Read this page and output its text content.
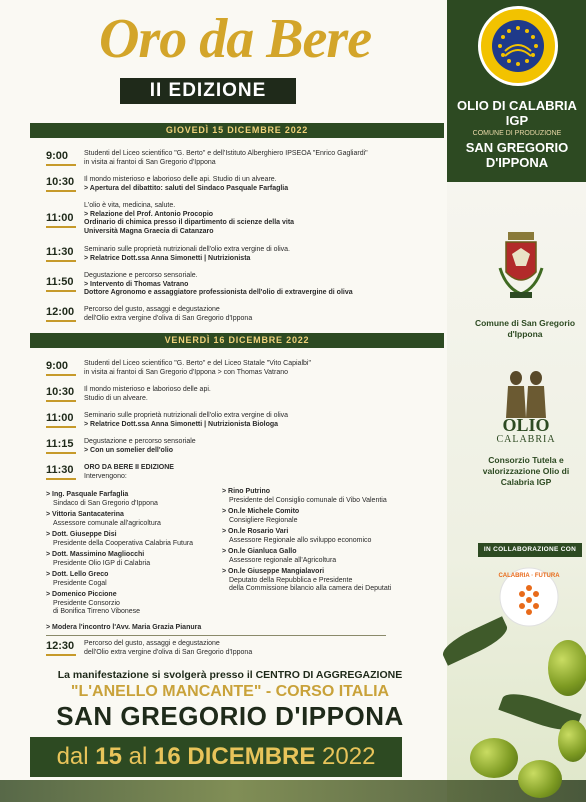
OLIO DI CALABRIA IGP
COMUNE DI PRODUZIONE
SAN GREGORIO D'IPPONA
Comune di San Gregorio d'Ippona
OLIO
CALABRIA
Consorzio Tutela e valorizzazione Olio di Calabria IGP
IN COLLABORAZIONE CON
CALABRIA · FUTURA
Oro da Bere
II EDIZIONE
GIOVEDÌ 15 DICEMBRE 2022
9:00	Studenti del Liceo scientifico "G. Berto" e dell'Istituto Alberghiero IPSEOA "Enrico Gagliardi"
in visita ai frantoi di San Gregorio d'Ippona
10:30	Il mondo misterioso e laborioso delle api. Studio di un alveare.
> Apertura del dibattito: saluti del Sindaco Pasquale Farfaglia
11:00
L'olio è vita, medicina, salute.
> Relazione del Prof. Antonio Procopio
Ordinario di chimica presso il dipartimento di scienze della vita
Università Magna Graecia di Catanzaro
11:30	Seminario sulle proprietà nutrizionali dell'olio extra vergine di oliva.
> Relatrice Dott.ssa Anna Simonetti | Nutrizionista
11:50
Degustazione e percorso sensoriale.
> Intervento di Thomas Vatrano
Dottore Agronomo e assaggiatore professionista dell'olio di extravergine di oliva
12:00	Percorso del gusto, assaggi e degustazione
dell'Olio extra vergine d'oliva di San Gregorio d'Ippona
VENERDÌ 16 DICEMBRE 2022
9:00	Studenti del Liceo scientifico "G. Berto" e del Liceo Statale "Vito Capialbi"
in visita ai frantoi di San Gregorio d'Ippona > con Thomas Vatrano
10:30	Il mondo misterioso e laborioso delle api.
Studio di un alveare.
11:00	Seminario sulle proprietà nutrizionali dell'olio extra vergine di oliva
> Relatrice Dott.ssa Anna Simonetti | Nutrizionista Biologa
11:15	Degustazione e percorso sensoriale
> Con un somelier dell'olio
11:30	ORO DA BERE II EDIZIONE
Intervengono:
> Ing. Pasquale Farfaglia
Sindaco di San Gregorio d'Ippona
> Vittoria Santacaterina
Assessore comunale all'agricoltura
> Dott. Giuseppe Disi
Presidente della Cooperativa Calabria Futura
> Dott. Massimino Magliocchi
Presidente Olio IGP di Calabria
> Dott. Lello Greco
Presidente Cogal
> Domenico Piccione
Presidente Consorzio
di Bonifica Tirreno Vibonese
> Rino Putrino
Presidente del Consiglio comunale di Vibo Valentia
> On.le Michele Comito
Consigliere Regionale
> On.le Rosario Vari
Assessore Regionale allo sviluppo economico
> On.le Gianluca Gallo
Assessore regionale all'Agricoltura
> On.le Giuseppe Mangialavori
Deputato della Repubblica e Presidente
della Commissione bilancio alla camera dei Deputati
> Modera l'incontro l'Avv. Maria Grazia Pianura
12:30	Percorso del gusto, assaggi e degustazione
dell'Olio extra vergine d'oliva di San Gregorio d'Ippona
La manifestazione si svolgerà presso il CENTRO DI AGGREGAZIONE
"L'ANELLO MANCANTE" - CORSO ITALIA
SAN GREGORIO D'IPPONA
dal 15 al 16 DICEMBRE 2022
